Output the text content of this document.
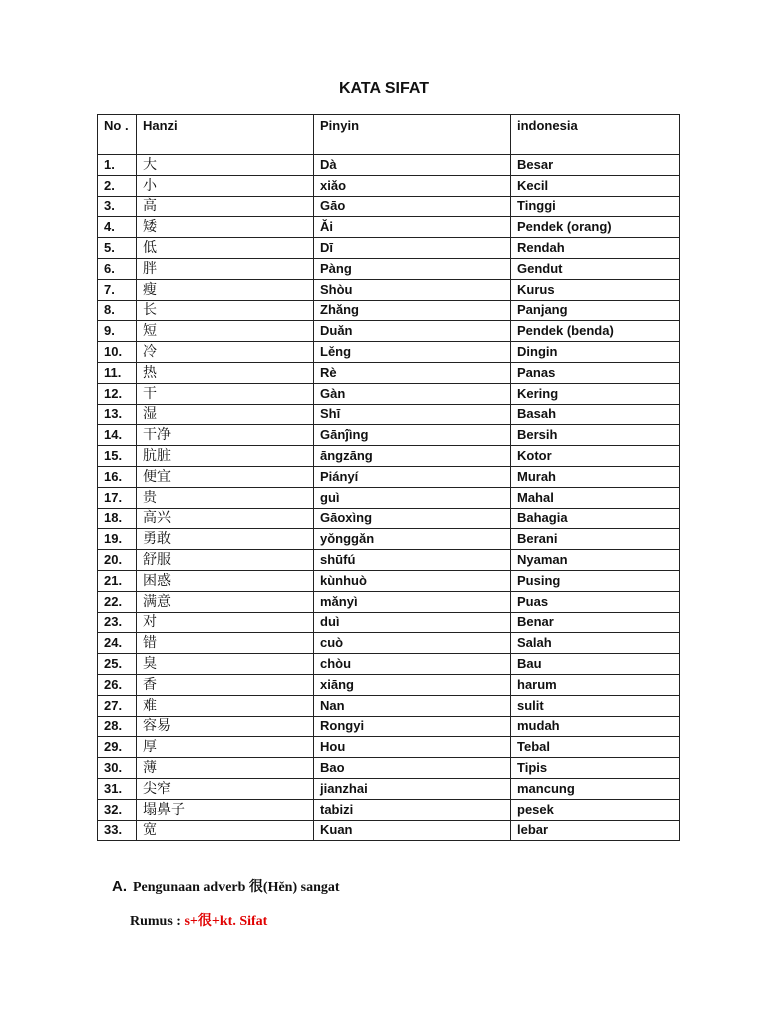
KATA SIFAT
No .	Hanzi	Pinyin	indonesia
1.	大	Dà	Besar
2.	小	xiǎo	Kecil
3.	高	Gāo	Tinggi
4.	矮	Ǎi	Pendek (orang)
5.	低	Dī	Rendah
6.	胖	Pàng	Gendut
7.	瘦	Shòu	Kurus
8.	长	Zhǎng	Panjang
9.	短	Duǎn	Pendek (benda)
10.	冷	Lěng	Dingin
11.	热	Rè	Panas
12.	干	Gàn	Kering
13.	湿	Shī	Basah
14.	干净	Gānĵìng	Bersih
15.	肮脏	āngzāng	Kotor
16.	便宜	Piányí	Murah
17.	贵	guì	Mahal
18.	高兴	Gāoxìng	Bahagia
19.	勇敢	yǒnggǎn	Berani
20.	舒服	shūfú	Nyaman
21.	困惑	kùnhuò	Pusing
22.	满意	mǎnyì	Puas
23.	对	duì	Benar
24.	错	cuò	Salah
25.	臭	chòu	Bau
26.	香	xiāng	harum
27.	难	Nan	sulit
28.	容易	Rongyi	mudah
29.	厚	Hou	Tebal
30.	薄	Bao	Tipis
31.	尖窄	jianzhai	mancung
32.	塌鼻子	tabizi	pesek
33.	宽	Kuan	lebar
A. Pengunaan adverb 很(Hěn) sangat
Rumus : s+很+kt. Sifat
